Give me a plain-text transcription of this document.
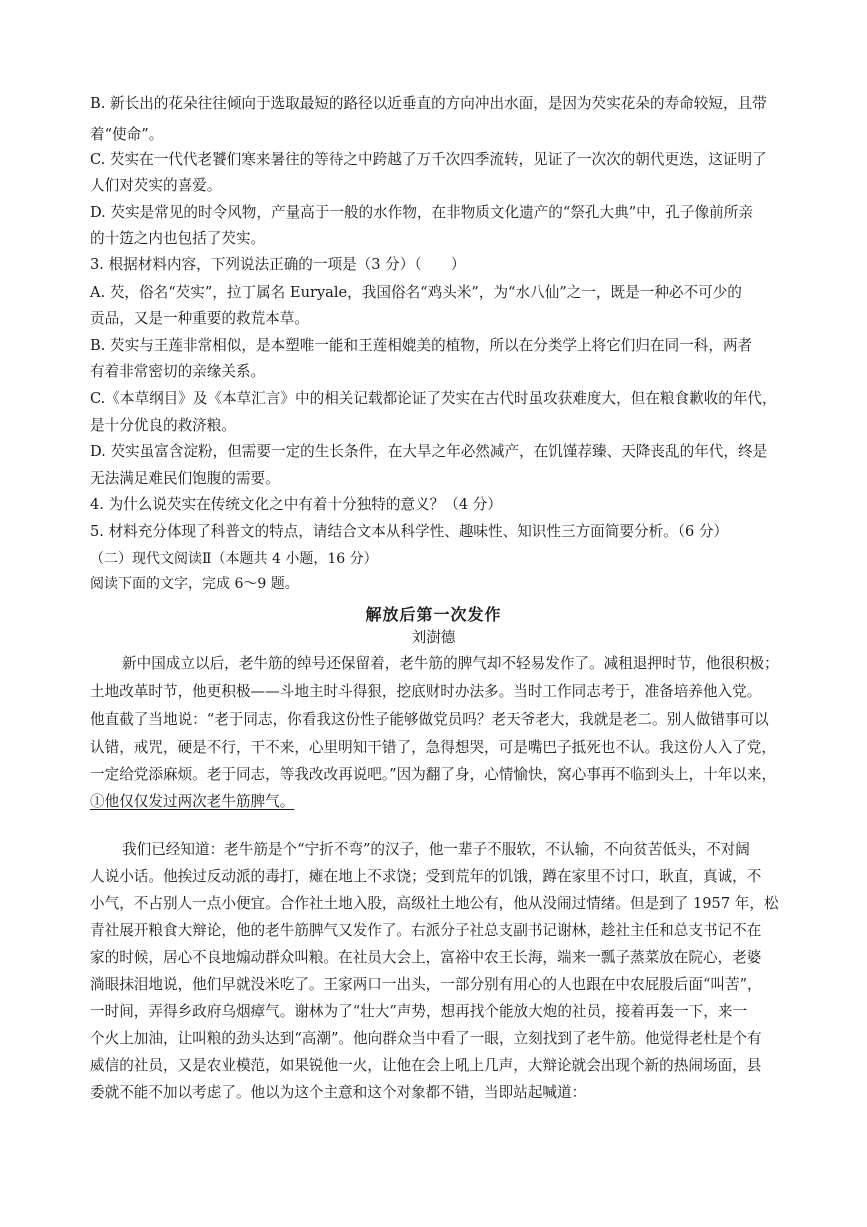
B. 新长出的花朵往往倾向于选取最短的路径以近垂直的方向冲出水面，是因为芡实花朵的寿命较短，且带
着“使命”。
C. 芡实在一代代老饕们寒来暑往的等待之中跨越了万千次四季流转，见证了一次次的朝代更迭，这证明了
人们对芡实的喜爱。
D. 芡实是常见的时令风物，产量高于一般的水作物，在非物质文化遗产的“祭孔大典”中，孔子像前所亲
的十笾之内也包括了芡实。
3. 根据材料内容，下列说法正确的一项是（3 分）（　　）
A. 芡，俗名“芡实”，拉丁属名 Euryale，我国俗名“鸡头米”，为“水八仙”之一，既是一种必不可少的
贡品，又是一种重要的救荒本草。
B. 芡实与王莲非常相似，是本塑唯一能和王莲相媲美的植物，所以在分类学上将它们归在同一科，两者
有着非常密切的亲缘关系。
C.《本草纲目》及《本草汇言》中的相关记载都论证了芡实在古代时虽攻获难度大，但在粮食歉收的年代，
是十分优良的救济粮。
D. 芡实虽富含淀粉，但需要一定的生长条件，在大旱之年必然减产，在饥馑荐臻、天降丧乱的年代，终是
无法满足难民们饱腹的需要。
4. 为什么说芡实在传统文化之中有着十分独特的意义？（4 分）
5. 材料充分体现了科普文的特点，请结合文本从科学性、趣味性、知识性三方面简要分析。（6 分）
（二）现代文阅读Ⅱ（本题共 4 小题，16 分）
阅读下面的文字，完成 6～9 题。
解放后第一次发作
刘澍德
新中国成立以后，老牛筋的绰号还保留着，老牛筋的脾气却不轻易发作了。减租退押时节，他很积极；
土地改革时节，他更积极——斗地主时斗得狠，挖底财时办法多。当时工作同志考于，准备培养他入党。
他直截了当地说：“老于同志，你看我这份性子能够做党员吗？老天爷老大，我就是老二。别人做错事可以
认错，戒咒，硬是不行，干不来，心里明知干错了，急得想哭，可是嘴巴子抵死也不认。我这份人入了党，
一定给党添麻烦。老于同志，等我改改再说吧。”因为翻了身，心情愉快，窝心事再不临到头上，十年以来，
①他仅仅发过两次老牛筋脾气。
我们已经知道：老牛筋是个“宁折不弯”的汉子，他一辈子不服软，不认输，不向贫苦低头，不对阔
人说小话。他挨过反动派的毒打，瘫在地上不求饶；受到荒年的饥饿，蹲在家里不讨口，耿直，真诚，不
小气，不占别人一点小便宜。合作社土地入股，高级社土地公有，他从没闹过情绪。但是到了 1957 年，松
青社展开粮食大辩论，他的老牛筋脾气又发作了。右派分子社总支副书记谢林，趁社主任和总支书记不在
家的时候，居心不良地煽动群众叫粮。在社员大会上，富裕中农王长海，端来一瓢子蒸菜放在院心，老婆
淌眼抹泪地说，他们早就没米吃了。王家两口一出头，一部分别有用心的人也跟在中农屁股后面“叫苦”，
一时间，弄得乡政府乌烟瘴气。谢林为了“壮大”声势，想再找个能放大炮的社员，接着再轰一下，来一
个火上加油，让叫粮的劲头达到“高潮”。他向群众当中看了一眼，立刻找到了老牛筋。他觉得老杜是个有
威信的社员，又是农业模范，如果锐他一火，让他在会上吼上几声，大辩论就会出现个新的热闹场面，县
委就不能不加以考虑了。他以为这个主意和这个对象都不错，当即站起喊道：
